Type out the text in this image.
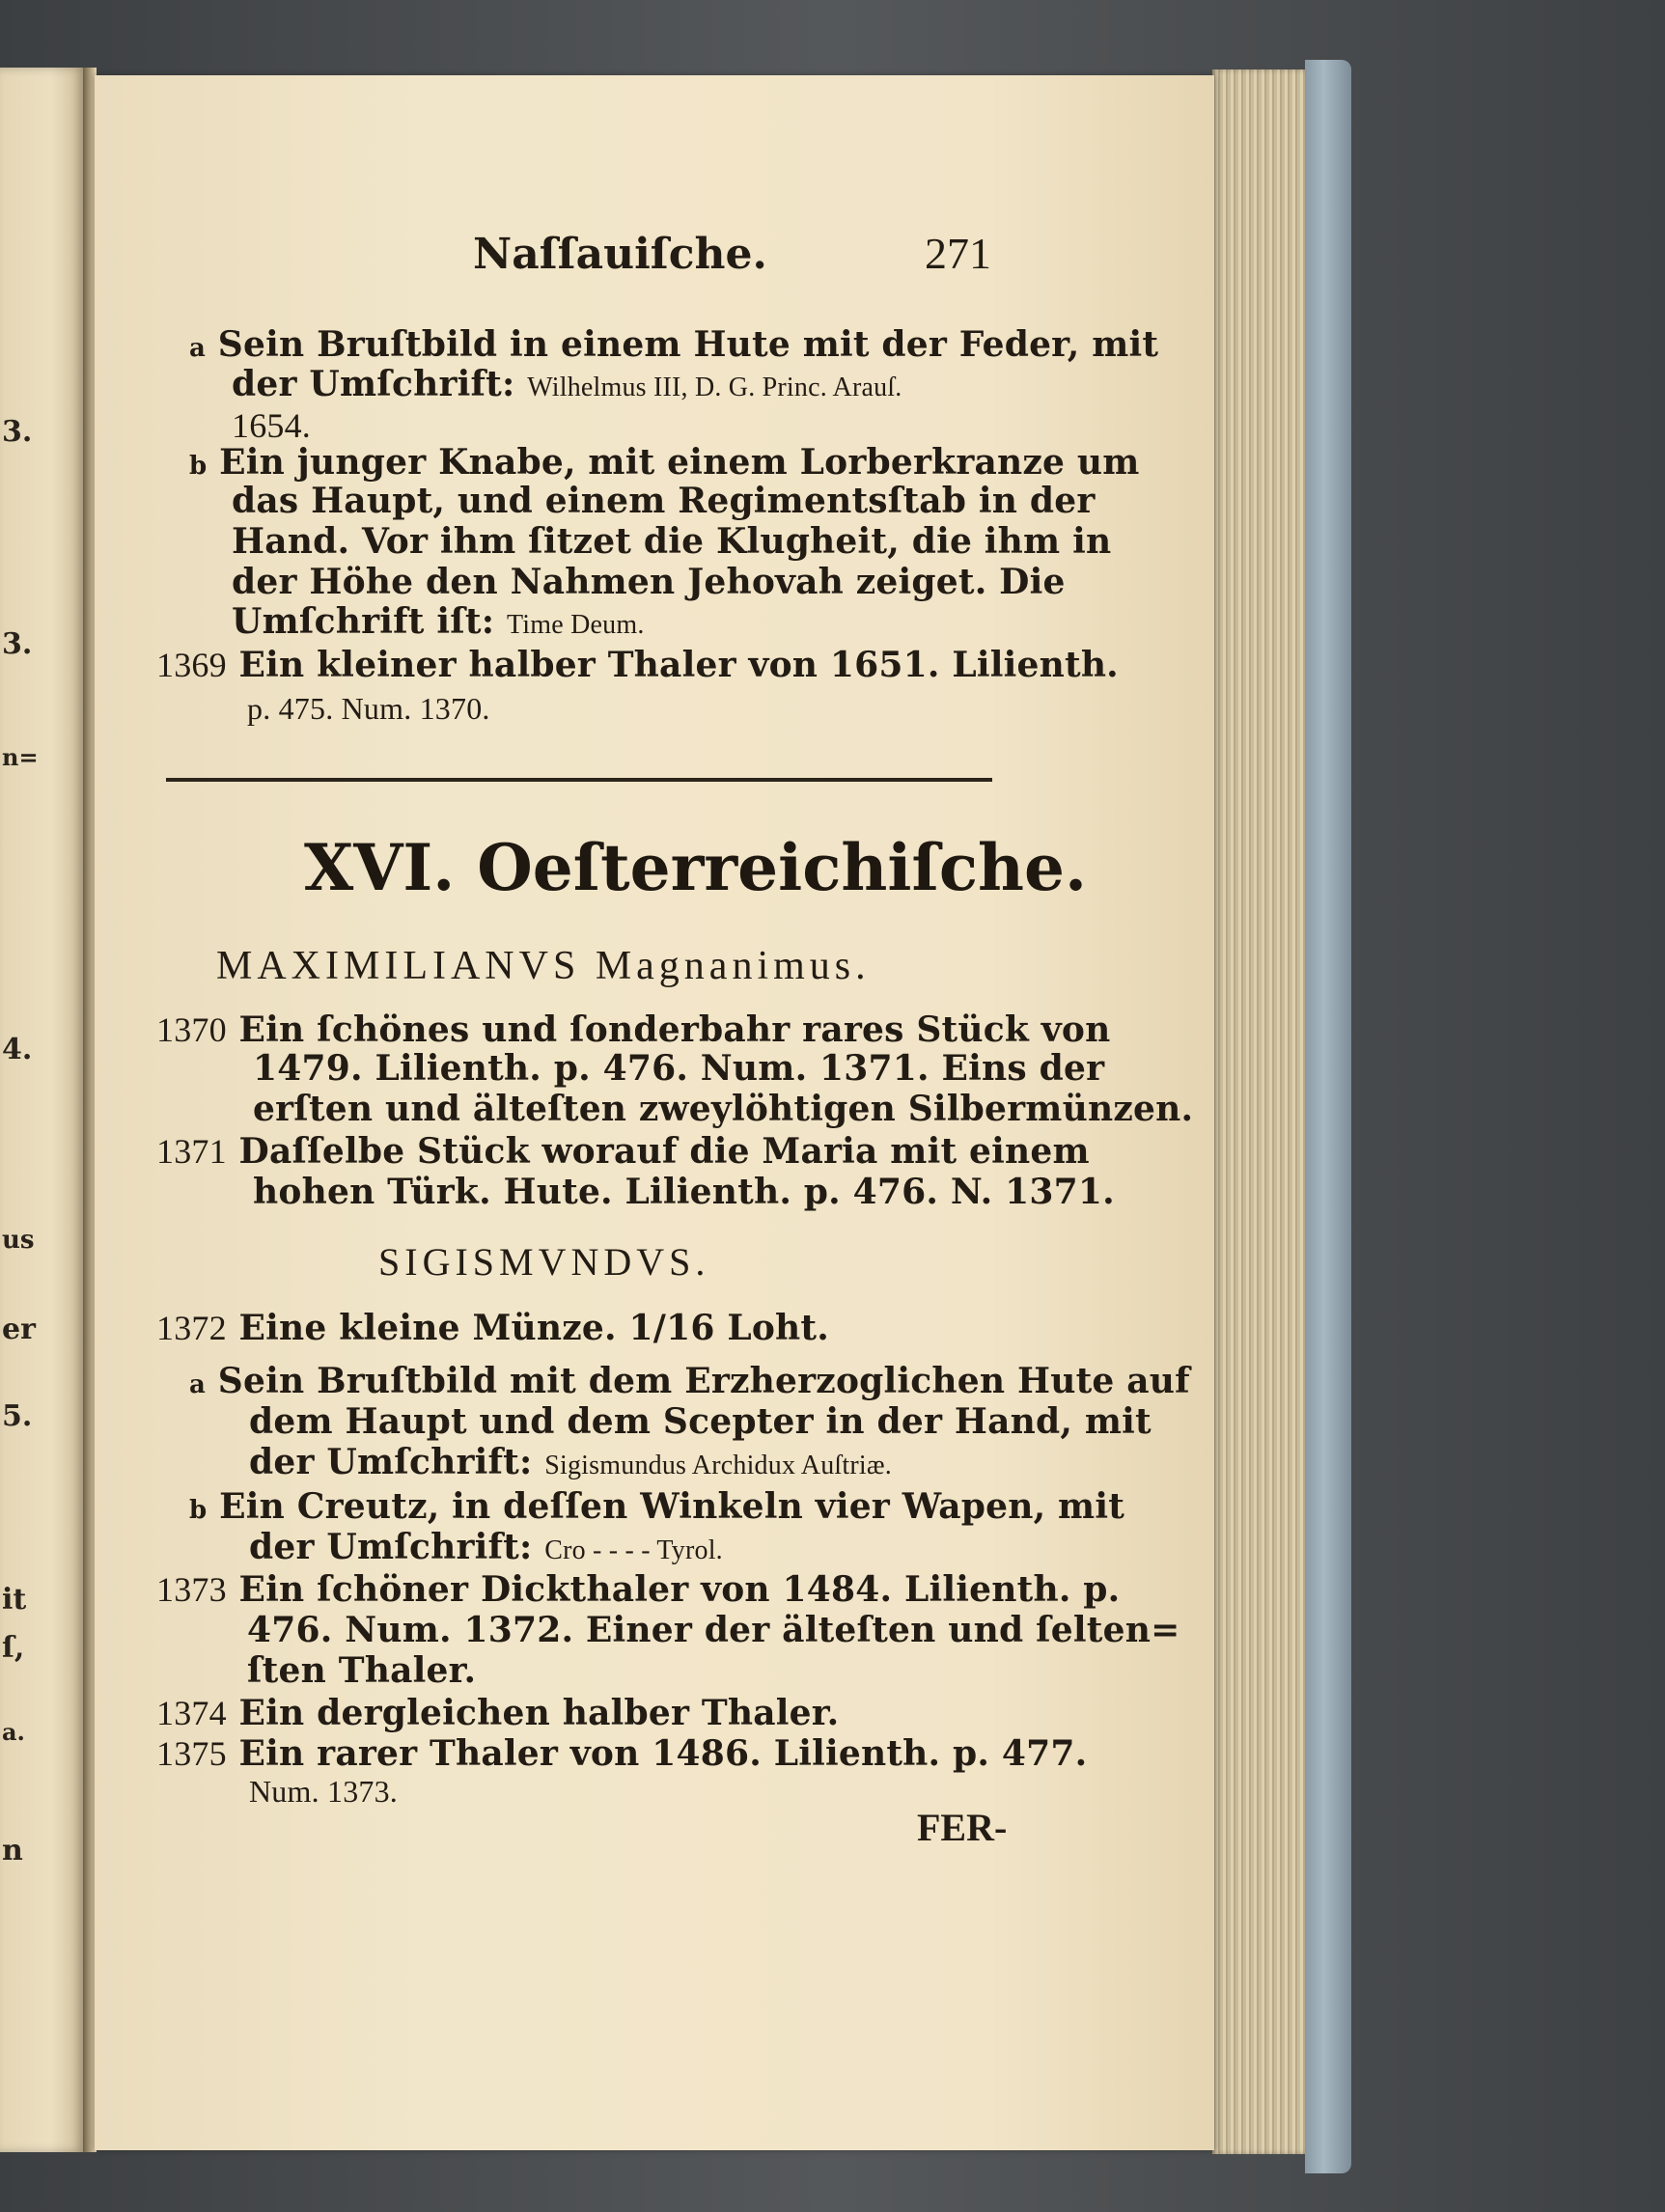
3.
3.
n=
4.
us
er
5.
it
ſ,
a.
n
Naſſauiſche.	271
a Sein Bruſtbild in einem Hute mit der Feder, mit
der Umſchrift: Wilhelmus III, D. G. Princ. Arauſ.
1654.
b Ein junger Knabe, mit einem Lorberkranze um
das Haupt, und einem Regimentsſtab in der
Hand. Vor ihm ſitzet die Klugheit, die ihm in
der Höhe den Nahmen Jehovah zeiget. Die
Umſchrift iſt: Time Deum.
1369 Ein kleiner halber Thaler von 1651. Lilienth.
p. 475. Num. 1370.
XVI. Oeſterreichiſche.
MAXIMILIANVS Magnanimus.
1370 Ein ſchönes und ſonderbahr rares Stück von
1479. Lilienth. p. 476. Num. 1371. Eins der
erſten und älteſten zweylöhtigen Silbermünzen.
1371 Daſſelbe Stück worauf die Maria mit einem
hohen Türk. Hute. Lilienth. p. 476. N. 1371.
SIGISMVNDVS.
1372 Eine kleine Münze. 1/16 Loht.
a Sein Bruſtbild mit dem Erzherzoglichen Hute auf
dem Haupt und dem Scepter in der Hand, mit
der Umſchrift: Sigismundus Archidux Auſtriæ.
b Ein Creutz, in deſſen Winkeln vier Wapen, mit
der Umſchrift: Cro - - - - Tyrol.
1373 Ein ſchöner Dickthaler von 1484. Lilienth. p.
476. Num. 1372. Einer der älteſten und ſelten=
ſten Thaler.
1374 Ein dergleichen halber Thaler.
1375 Ein rarer Thaler von 1486. Lilienth. p. 477.
Num. 1373.
FER-
